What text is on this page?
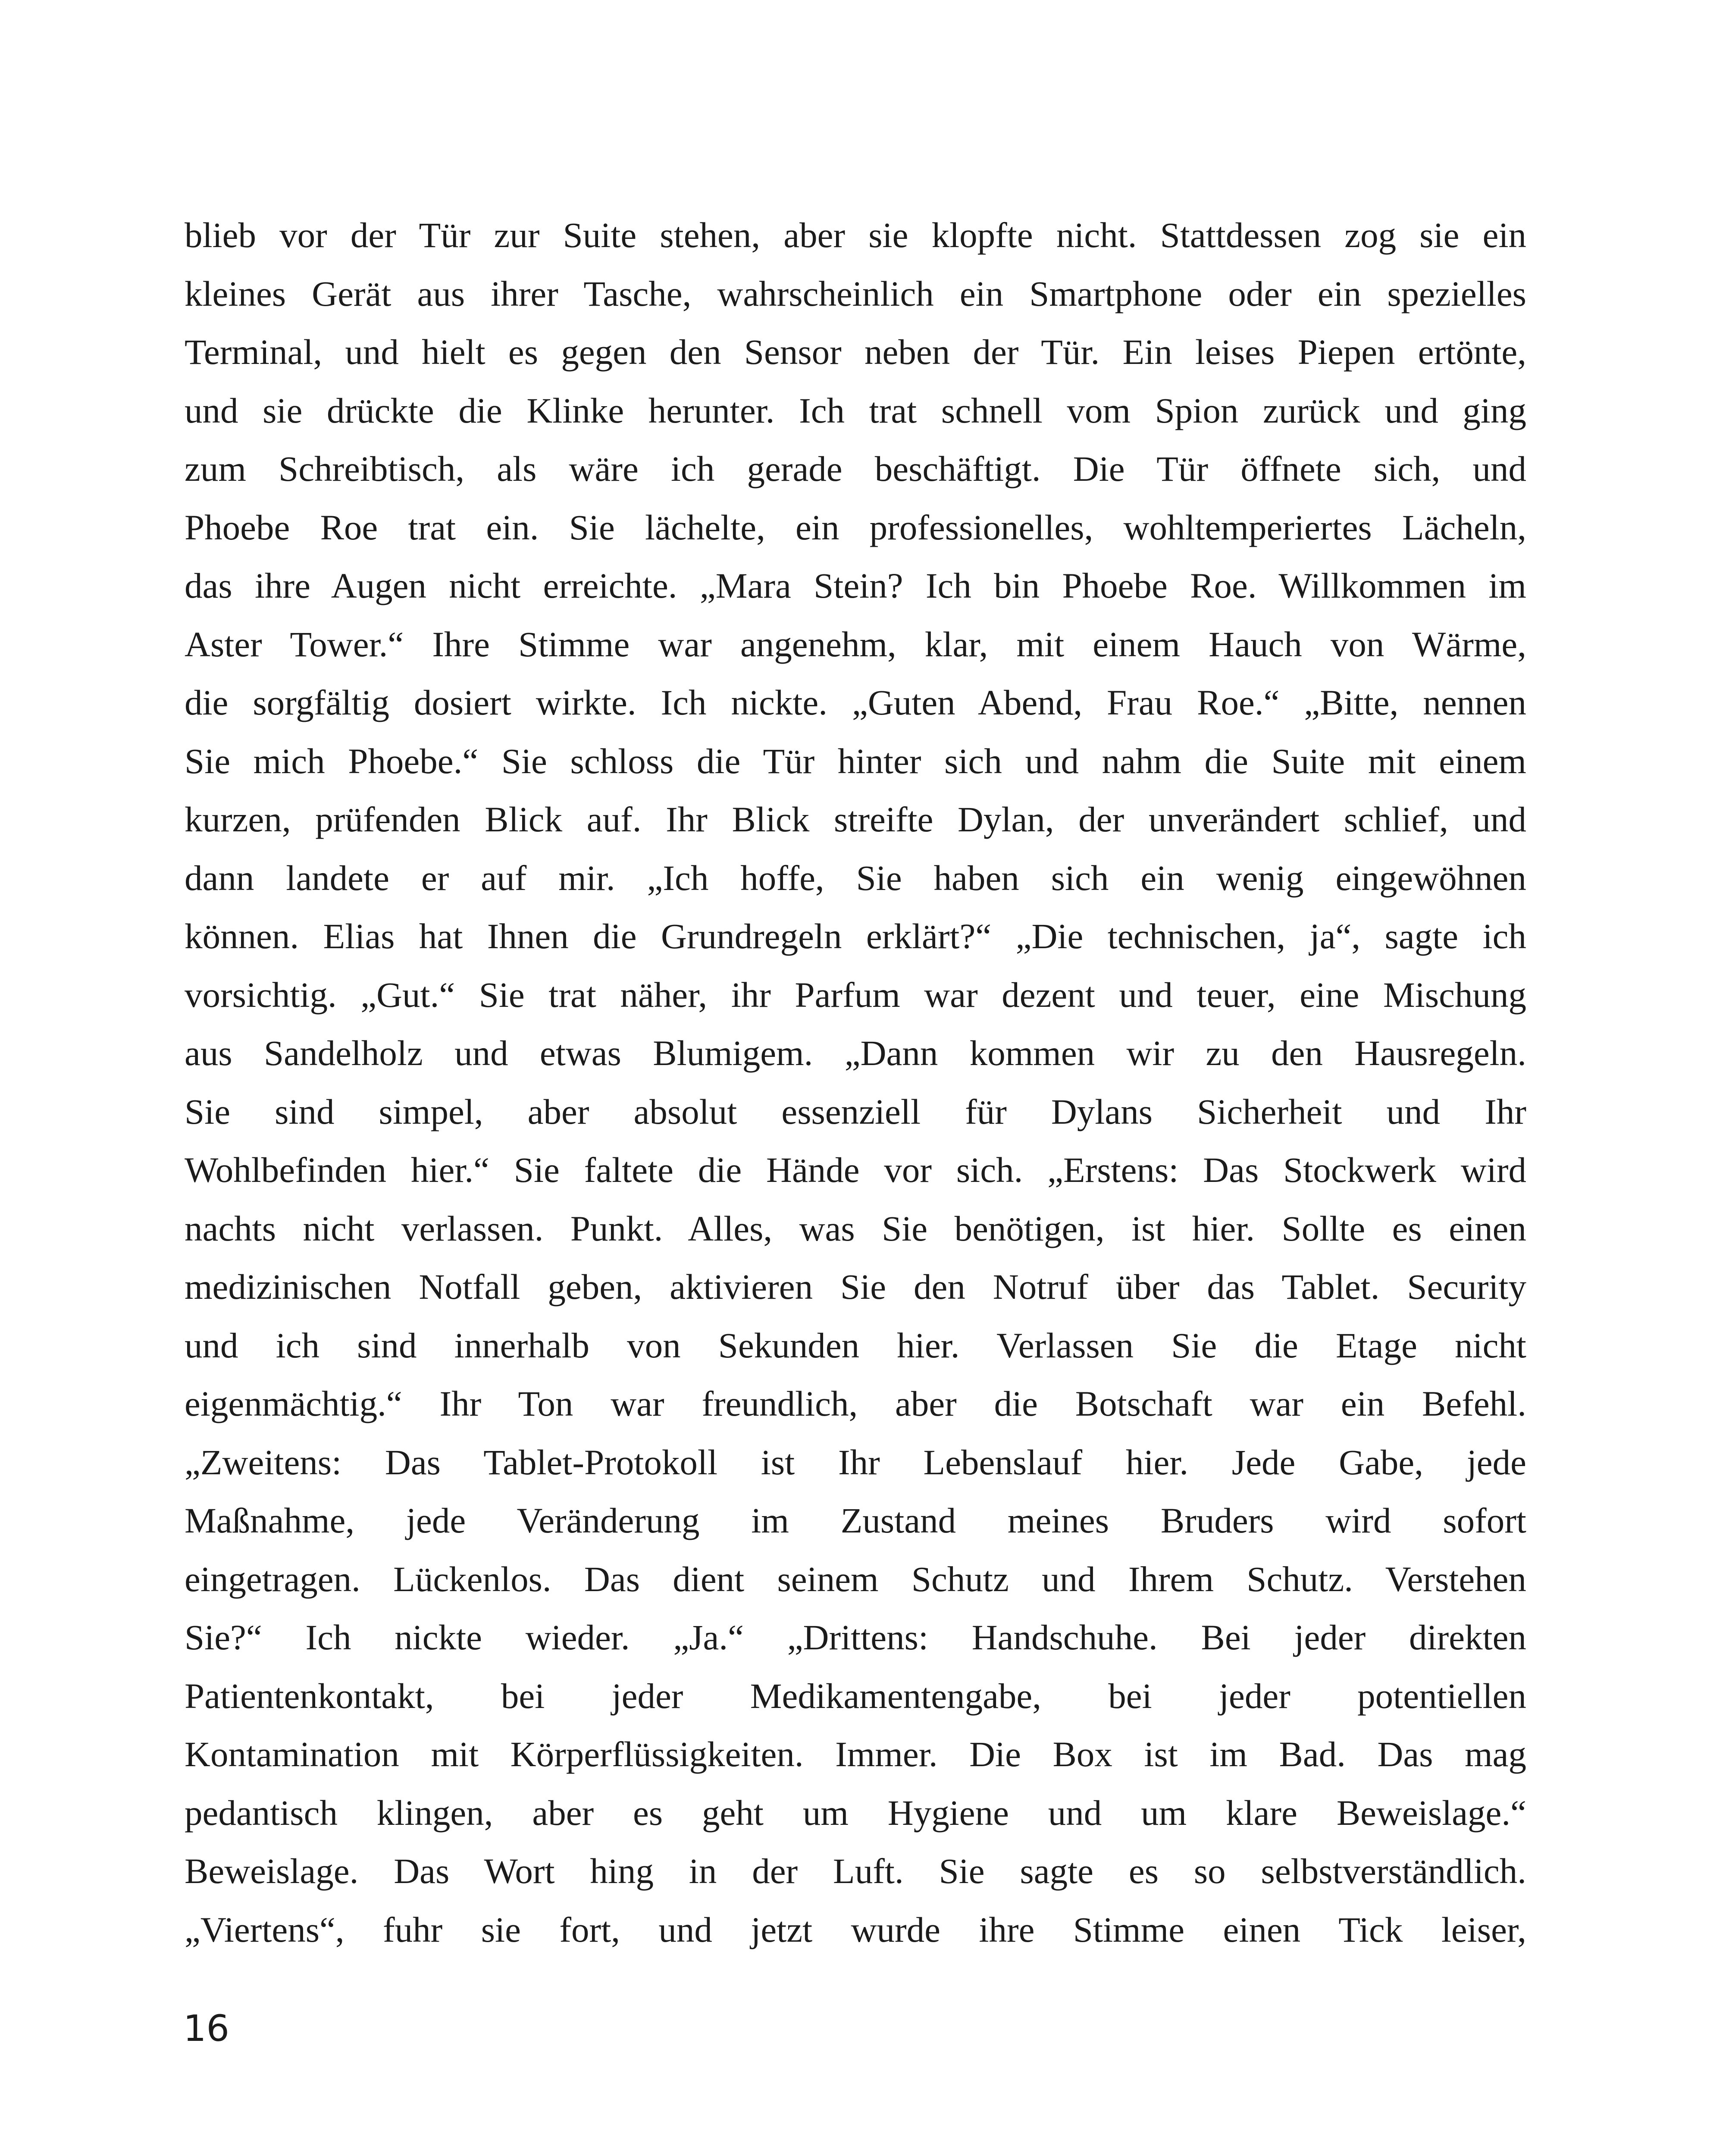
blieb vor der Tür zur Suite stehen, aber sie klopfte nicht. Stattdessen zog sie ein
kleines Gerät aus ihrer Tasche, wahrscheinlich ein Smartphone oder ein spezielles
Terminal, und hielt es gegen den Sensor neben der Tür. Ein leises Piepen ertönte,
und sie drückte die Klinke herunter. Ich trat schnell vom Spion zurück und ging
zum Schreibtisch, als wäre ich gerade beschäftigt. Die Tür öffnete sich, und
Phoebe Roe trat ein. Sie lächelte, ein professionelles, wohltemperiertes Lächeln,
das ihre Augen nicht erreichte. „Mara Stein? Ich bin Phoebe Roe. Willkommen im
Aster Tower.“ Ihre Stimme war angenehm, klar, mit einem Hauch von Wärme,
die sorgfältig dosiert wirkte. Ich nickte. „Guten Abend, Frau Roe.“ „Bitte, nennen
Sie mich Phoebe.“ Sie schloss die Tür hinter sich und nahm die Suite mit einem
kurzen, prüfenden Blick auf. Ihr Blick streifte Dylan, der unverändert schlief, und
dann landete er auf mir. „Ich hoffe, Sie haben sich ein wenig eingewöhnen
können. Elias hat Ihnen die Grundregeln erklärt?“ „Die technischen, ja“, sagte ich
vorsichtig. „Gut.“ Sie trat näher, ihr Parfum war dezent und teuer, eine Mischung
aus Sandelholz und etwas Blumigem. „Dann kommen wir zu den Hausregeln.
Sie sind simpel, aber absolut essenziell für Dylans Sicherheit und Ihr
Wohlbefinden hier.“ Sie faltete die Hände vor sich. „Erstens: Das Stockwerk wird
nachts nicht verlassen. Punkt. Alles, was Sie benötigen, ist hier. Sollte es einen
medizinischen Notfall geben, aktivieren Sie den Notruf über das Tablet. Security
und ich sind innerhalb von Sekunden hier. Verlassen Sie die Etage nicht
eigenmächtig.“ Ihr Ton war freundlich, aber die Botschaft war ein Befehl.
„Zweitens: Das Tablet-Protokoll ist Ihr Lebenslauf hier. Jede Gabe, jede
Maßnahme, jede Veränderung im Zustand meines Bruders wird sofort
eingetragen. Lückenlos. Das dient seinem Schutz und Ihrem Schutz. Verstehen
Sie?“ Ich nickte wieder. „Ja.“ „Drittens: Handschuhe. Bei jeder direkten
Patientenkontakt, bei jeder Medikamentengabe, bei jeder potentiellen
Kontamination mit Körperflüssigkeiten. Immer. Die Box ist im Bad. Das mag
pedantisch klingen, aber es geht um Hygiene und um klare Beweislage.“
Beweislage. Das Wort hing in der Luft. Sie sagte es so selbstverständlich.
„Viertens“, fuhr sie fort, und jetzt wurde ihre Stimme einen Tick leiser,
16
